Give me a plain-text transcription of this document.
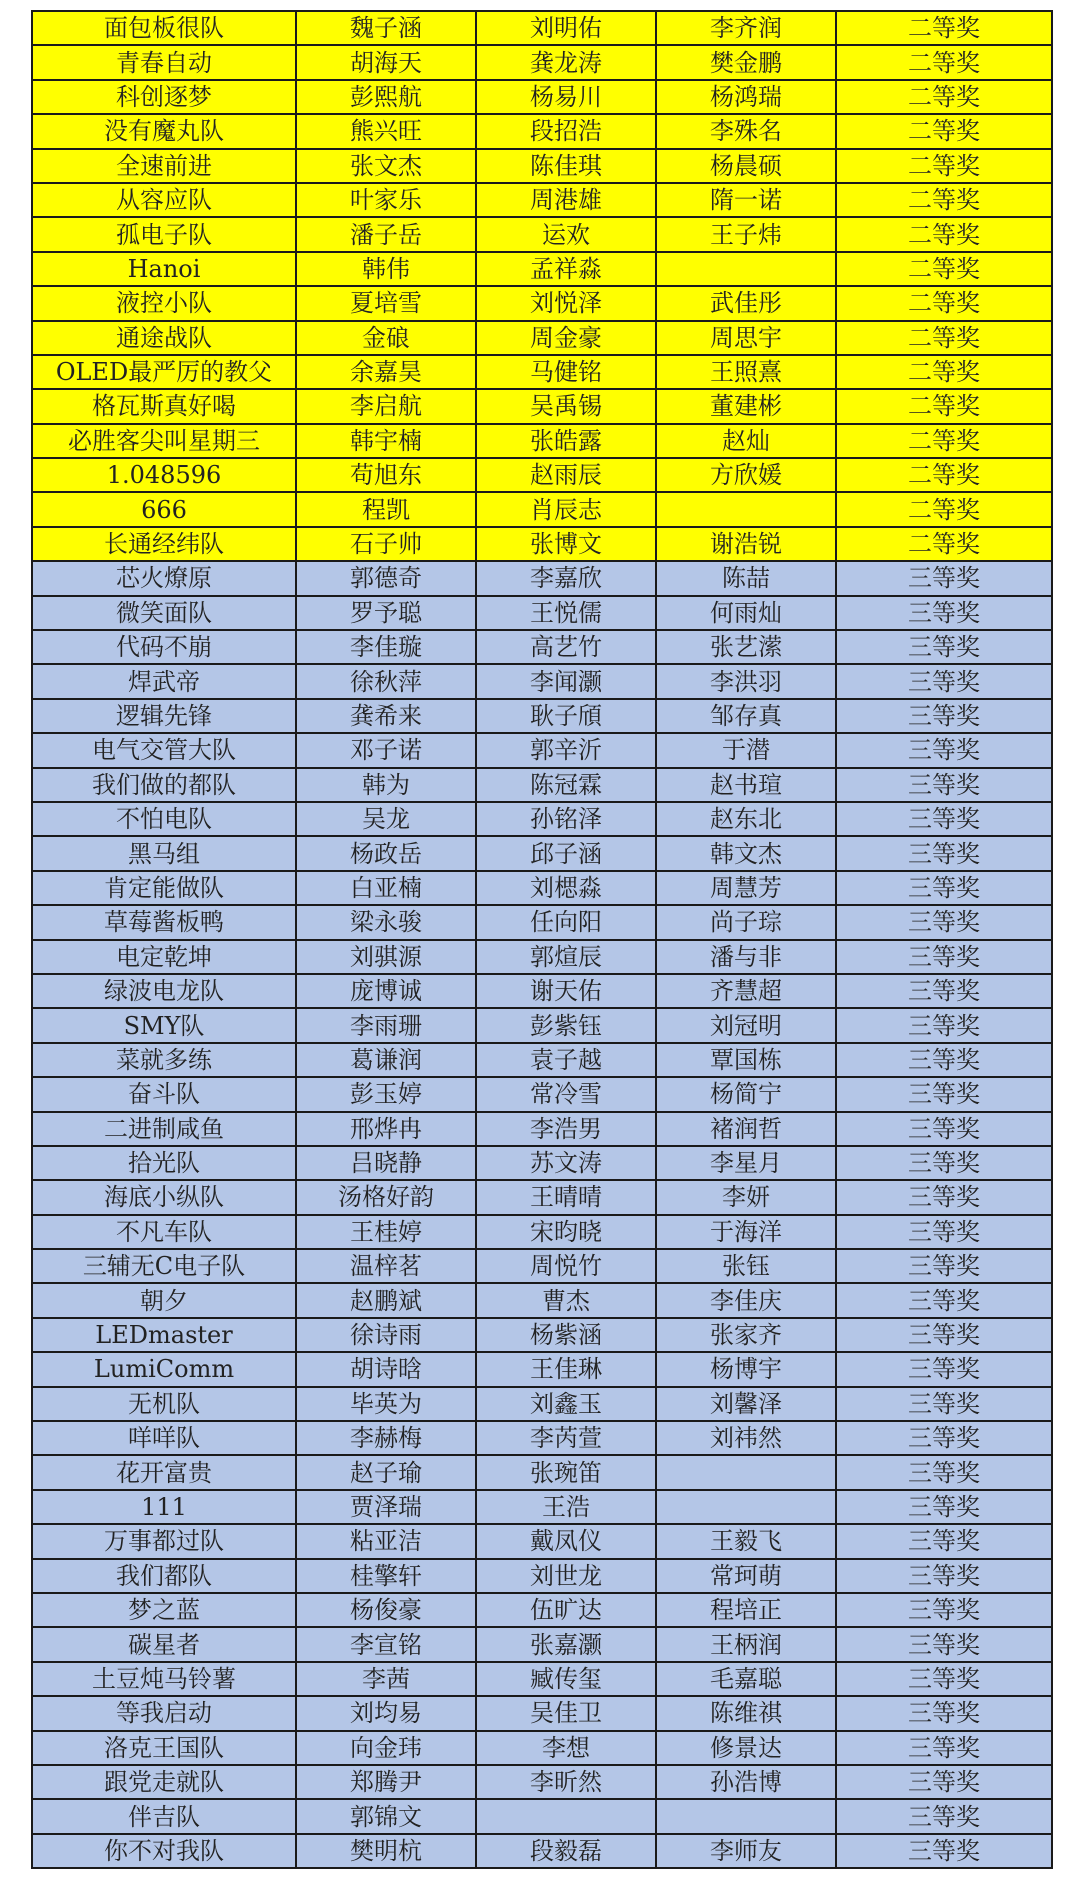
面包板很队	魏子涵	刘明佑	李齐润	二等奖
青春自动	胡海天	龚龙涛	樊金鹏	二等奖
科创逐梦	彭熙航	杨易川	杨鸿瑞	二等奖
没有魔丸队	熊兴旺	段招浩	李殊名	二等奖
全速前进	张文杰	陈佳琪	杨晨硕	二等奖
从容应队	叶家乐	周港雄	隋一诺	二等奖
孤电子队	潘子岳	运欢	王子炜	二等奖
Hanoi	韩伟	孟祥淼		二等奖
液控小队	夏培雪	刘悦泽	武佳彤	二等奖
通途战队	金硠	周金豪	周思宇	二等奖
OLED最严厉的教父	余嘉昊	马健铭	王照熹	二等奖
格瓦斯真好喝	李启航	吴禹锡	董建彬	二等奖
必胜客尖叫星期三	韩宇楠	张皓露	赵灿	二等奖
1.048596	苟旭东	赵雨辰	方欣媛	二等奖
666	程凯	肖辰志		二等奖
长通经纬队	石子帅	张博文	谢浩锐	二等奖
芯火燎原	郭德奇	李嘉欣	陈喆	三等奖
微笑面队	罗予聪	王悦儒	何雨灿	三等奖
代码不崩	李佳璇	高艺竹	张艺潆	三等奖
焊武帝	徐秋萍	李闻灏	李洪羽	三等奖
逻辑先锋	龚希来	耿子頎	邹存真	三等奖
电气交管大队	邓子诺	郭辛沂	于潜	三等奖
我们做的都队	韩为	陈冠霖	赵书瑄	三等奖
不怕电队	吴龙	孙铭泽	赵东北	三等奖
黑马组	杨政岳	邱子涵	韩文杰	三等奖
肯定能做队	白亚楠	刘楒淼	周慧芳	三等奖
草莓酱板鸭	梁永骏	任向阳	尚子琮	三等奖
电定乾坤	刘骐源	郭煊辰	潘与非	三等奖
绿波电龙队	庞博诚	谢天佑	齐慧超	三等奖
SMY队	李雨珊	彭紫钰	刘冠明	三等奖
菜就多练	葛谦润	袁子越	覃国栋	三等奖
奋斗队	彭玉婷	常冷雪	杨简宁	三等奖
二进制咸鱼	邢烨冉	李浩男	褚润哲	三等奖
拾光队	吕晓静	苏文涛	李星月	三等奖
海底小纵队	汤格好韵	王晴晴	李妍	三等奖
不凡车队	王桂婷	宋昀晓	于海洋	三等奖
三辅无C电子队	温梓茗	周悦竹	张钰	三等奖
朝夕	赵鹏斌	曹杰	李佳庆	三等奖
LEDmaster	徐诗雨	杨紫涵	张家齐	三等奖
LumiComm	胡诗晗	王佳琳	杨博宇	三等奖
无机队	毕英为	刘鑫玉	刘馨泽	三等奖
咩咩队	李赫梅	李芮萱	刘祎然	三等奖
花开富贵	赵子瑜	张琬笛		三等奖
111	贾泽瑞	王浩		三等奖
万事都过队	粘亚洁	戴凤仪	王毅飞	三等奖
我们都队	桂擎轩	刘世龙	常珂萌	三等奖
梦之蓝	杨俊豪	伍旷达	程培正	三等奖
碳星者	李宣铭	张嘉灏	王柄润	三等奖
土豆炖马铃薯	李茜	臧传玺	毛嘉聪	三等奖
等我启动	刘均易	吴佳卫	陈维祺	三等奖
洛克王国队	向金玮	李想	修景达	三等奖
跟党走就队	郑腾尹	李昕然	孙浩博	三等奖
伴吉队	郭锦文			三等奖
你不对我队	樊明杭	段毅磊	李师友	三等奖
